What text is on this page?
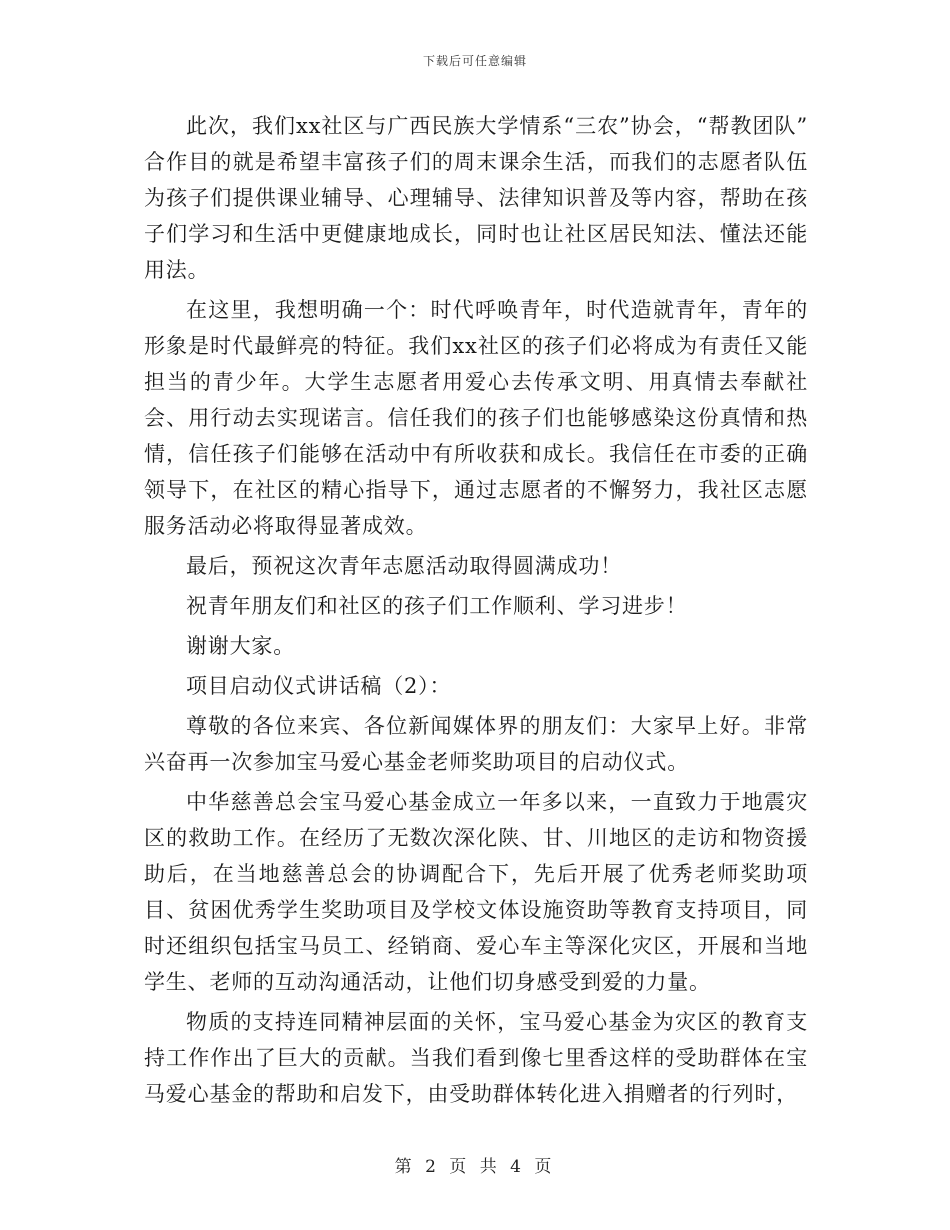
下载后可任意编辑

此次，我们xx社区与广西民族大学情系“三农”协会，“帮教团队” 合作目的就是希望丰富孩子们的周末课余生活，而我们的志愿者队伍为孩子们提供课业辅导、心理辅导、法律知识普及等内容，帮助在孩子们学习和生活中更健康地成长，同时也让社区居民知法、懂法还能用法。

在这里，我想明确一个：时代呼唤青年，时代造就青年，青年的形象是时代最鲜亮的特征。我们xx社区的孩子们必将成为有责任又能担当的青少年。大学生志愿者用爱心去传承文明、用真情去奉献社会、用行动去实现诺言。信任我们的孩子们也能够感染这份真情和热情，信任孩子们能够在活动中有所收获和成长。我信任在市委的正确领导下，在社区的精心指导下，通过志愿者的不懈努力，我社区志愿服务活动必将取得显著成效。

最后，预祝这次青年志愿活动取得圆满成功！

祝青年朋友们和社区的孩子们工作顺利、学习进步！

谢谢大家。

项目启动仪式讲话稿（2）：

尊敬的各位来宾、各位新闻媒体界的朋友们：大家早上好。非常兴奋再一次参加宝马爱心基金老师奖助项目的启动仪式。

中华慈善总会宝马爱心基金成立一年多以来，一直致力于地震灾区的救助工作。在经历了无数次深化陕、甘、川地区的走访和物资援助后，在当地慈善总会的协调配合下，先后开展了优秀老师奖助项目、贫困优秀学生奖助项目及学校文体设施资助等教育支持项目，同时还组织包括宝马员工、经销商、爱心车主等深化灾区，开展和当地学生、老师的互动沟通活动，让他们切身感受到爱的力量。

物质的支持连同精神层面的关怀，宝马爱心基金为灾区的教育支持工作作出了巨大的贡献。当我们看到像七里香这样的受助群体在宝马爱心基金的帮助和启发下，由受助群体转化进入捐赠者的行列时，

第 2 页 共 4 页
